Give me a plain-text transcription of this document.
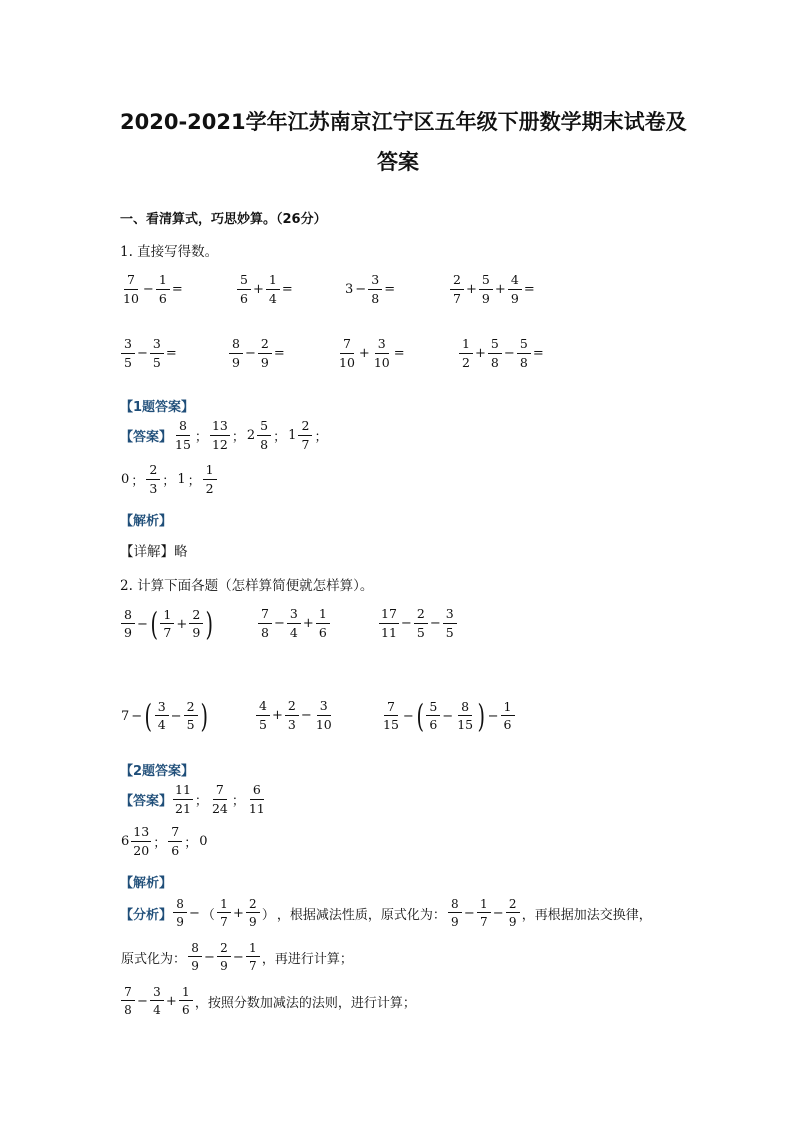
2020-2021学年江苏南京江宁区五年级下册数学期末试卷及
答案
一、看清算式，巧思妙算。（26分）
1. 直接写得数。
$\frac{7}{10} - \frac{1}{6}$ =	$\frac{5}{6} + \frac{1}{4}$ =	$3 - \frac{3}{8}$ =	$\frac{2}{7} + \frac{5}{9} + \frac{4}{9}$ =
$\frac{3}{5} - \frac{3}{5}$ =	$\frac{8}{9} - \frac{2}{9}$ =	$\frac{7}{10} + \frac{3}{10}$ =	$\frac{1}{2} + \frac{5}{8} - \frac{5}{8}$ =
【1题答案】
【答案】 $\frac{8}{15}$ ； $\frac{13}{12}$ ； $2 \frac{5}{8}$ ； $1 \frac{2}{7}$ ；
0 ； $\frac{2}{3}$ ； 1 ； $\frac{1}{2}$
【解析】
【详解】略
2. 计算下面各题（怎样算简便就怎样算）。
$\frac{8}{9}$ − ( $\frac{1}{7} + \frac{2}{9}$ )	$\frac{7}{8} - \frac{3}{4} + \frac{1}{6}$	$\frac{17}{11} - \frac{2}{5} - \frac{3}{5}$
7 − ( $\frac{3}{4} - \frac{2}{5}$ )	$\frac{4}{5} + \frac{2}{3} - \frac{3}{10}$	$\frac{7}{15}$ − ( $\frac{5}{6} - \frac{8}{15}$ ) − $\frac{1}{6}$
【2题答案】
【答案】 $\frac{11}{21}$ ； $\frac{7}{24}$ ； $\frac{6}{11}$
$6 \frac{13}{20}$ ； $\frac{7}{6}$ ； 0
【解析】
【分析】 $\frac{8}{9}$ − （ $\frac{1}{7} + \frac{2}{9}$ ） ，根据减法性质，原式化为： $\frac{8}{9} - \frac{1}{7} - \frac{2}{9}$ ，再根据加法交换律，
原式化为： $\frac{8}{9} - \frac{2}{9} - \frac{1}{7}$ ，再进行计算；
$\frac{7}{8} - \frac{3}{4} + \frac{1}{6}$ ，按照分数加减法的法则，进行计算；
